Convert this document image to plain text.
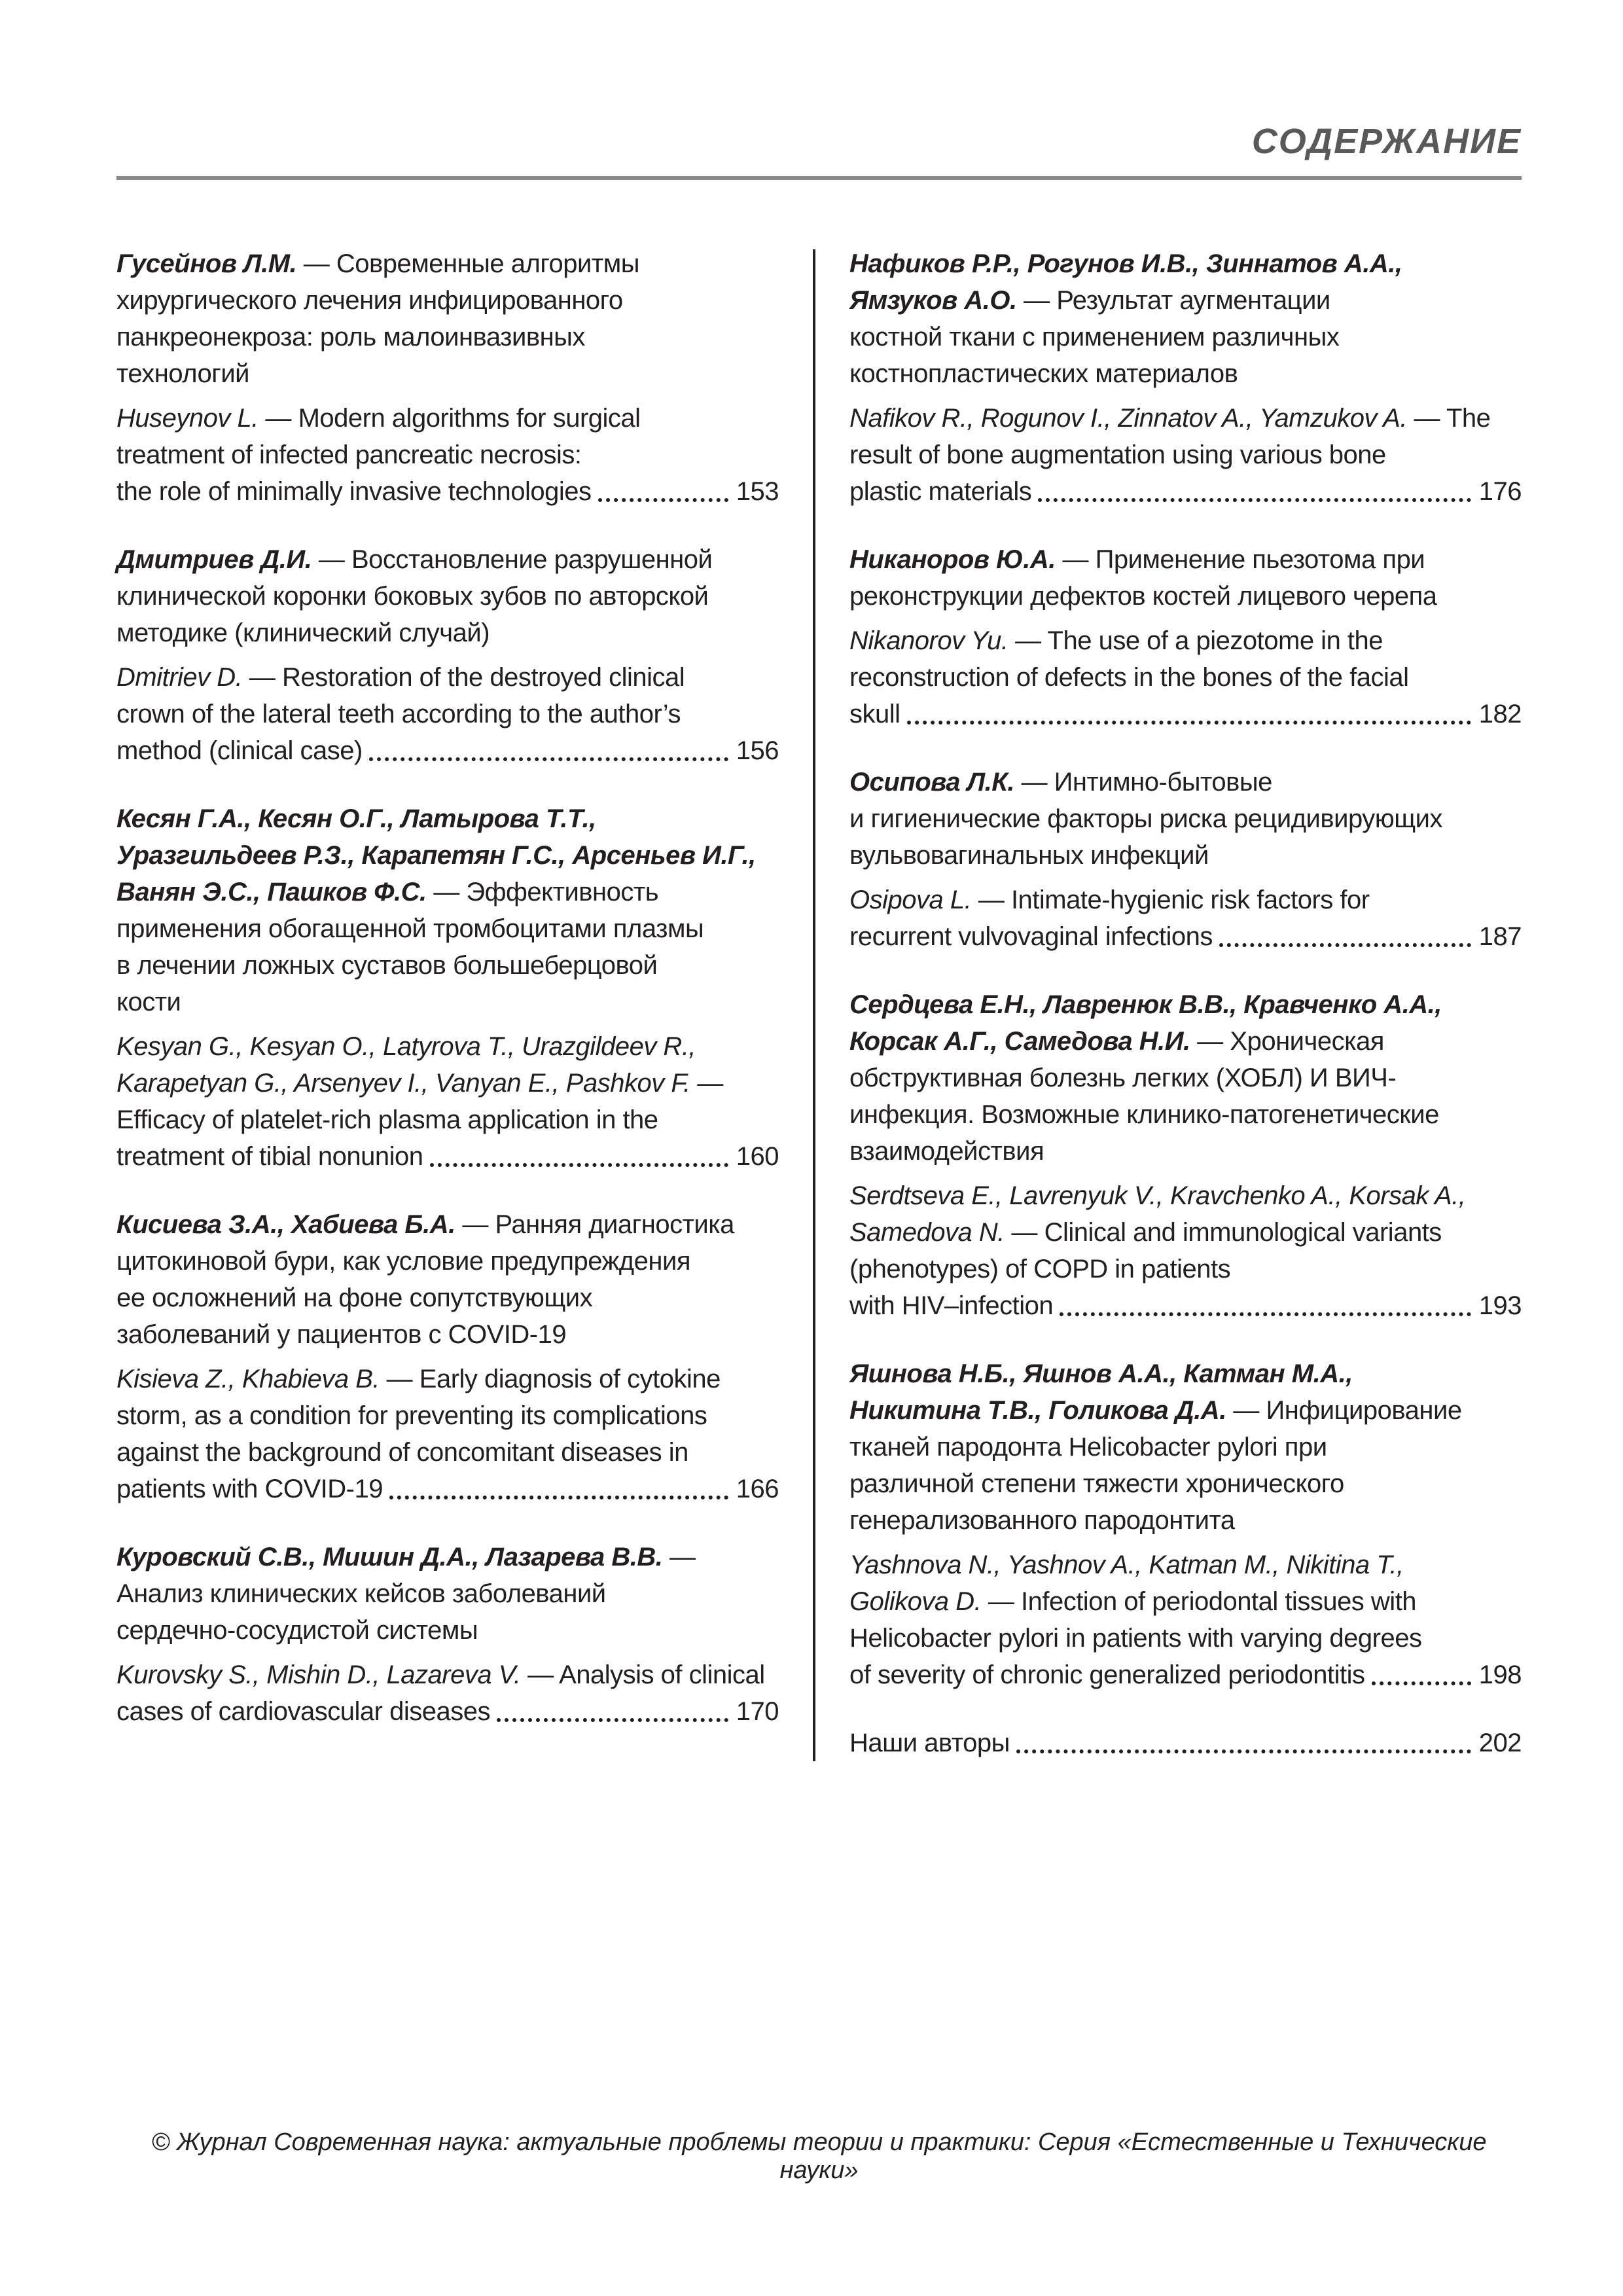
СОДЕРЖАНИЕ
Гусейнов Л.М. — Современные алгоритмы
хирургического лечения инфицированного
панкреонекроза: роль малоинвазивных
технологий
Huseynov L. — Modern algorithms for surgical
treatment of infected pancreatic necrosis:
the role of minimally invasive technologies	153
Дмитриев Д.И. — Восстановление разрушенной
клинической коронки боковых зубов по авторской
методике (клинический случай)
Dmitriev D. — Restoration of the destroyed clinical
crown of the lateral teeth according to the author’s
method (clinical case)	156
Кесян Г.А., Кесян О.Г., Латырова Т.Т.,
Уразгильдеев Р.З., Карапетян Г.С., Арсеньев И.Г.,
Ванян Э.С., Пашков Ф.С. — Эффективность
применения обогащенной тромбоцитами плазмы
в лечении ложных суставов большеберцовой
кости
Kesyan G., Kesyan O., Latyrova T., Urazgildeev R.,
Karapetyan G., Arsenyev I., Vanyan E., Pashkov F. —
Efficacy of platelet-rich plasma application in the
treatment of tibial nonunion	160
Кисиева З.А., Хабиева Б.А. — Ранняя диагностика
цитокиновой бури, как условие предупреждения
ее осложнений на фоне сопутствующих
заболеваний у пациентов с COVID-19
Kisieva Z., Khabieva B. — Early diagnosis of cytokine
storm, as a condition for preventing its complications
against the background of concomitant diseases in
patients with COVID-19	166
Куровский С.В., Мишин Д.А., Лазарева В.В. —
Анализ клинических кейсов заболеваний
сердечно-сосудистой системы
Kurovsky S., Mishin D., Lazareva V. — Analysis of clinical
cases of cardiovascular diseases	170
Нафиков Р.Р., Рогунов И.В., Зиннатов А.А.,
Ямзуков А.О. — Результат аугментации
костной ткани с применением различных
костнопластических материалов
Nafikov R., Rogunov I., Zinnatov A., Yamzukov A. — The
result of bone augmentation using various bone
plastic materials	176
Никаноров Ю.А. — Применение пьезотома при
реконструкции дефектов костей лицевого черепа
Nikanorov Yu. — The use of a piezotome in the
reconstruction of defects in the bones of the facial
skull	182
Осипова Л.К. — Интимно-бытовые
и гигиенические факторы риска рецидивирующих
вульвовагинальных инфекций
Osipova L. — Intimate-hygienic risk factors for
recurrent vulvovaginal infections	187
Сердцева Е.Н., Лавренюк В.В., Кравченко А.А.,
Корсак А.Г., Самедова Н.И. — Хроническая
обструктивная болезнь легких (ХОБЛ) И ВИЧ-
инфекция. Возможные клинико-патогенетические
взаимодействия
Serdtseva E., Lavrenyuk V., Kravchenko A., Korsak A.,
Samedova N. — Clinical and immunological variants
(phenotypes) of COPD in patients
with HIV–infection	193
Яшнова Н.Б., Яшнов А.А., Катман М.А.,
Никитина Т.В., Голикова Д.А. — Инфицирование
тканей пародонта Helicobacter pylori при
различной степени тяжести хронического
генерализованного пародонтита
Yashnova N., Yashnov A., Katman M., Nikitina T.,
Golikova D. — Infection of periodontal tissues with
Helicobacter pylori in patients with varying degrees
of severity of chronic generalized periodontitis	198
Наши авторы	202
© Журнал Современная наука: актуальные проблемы теории и практики: Серия «Естественные и Технические науки»
